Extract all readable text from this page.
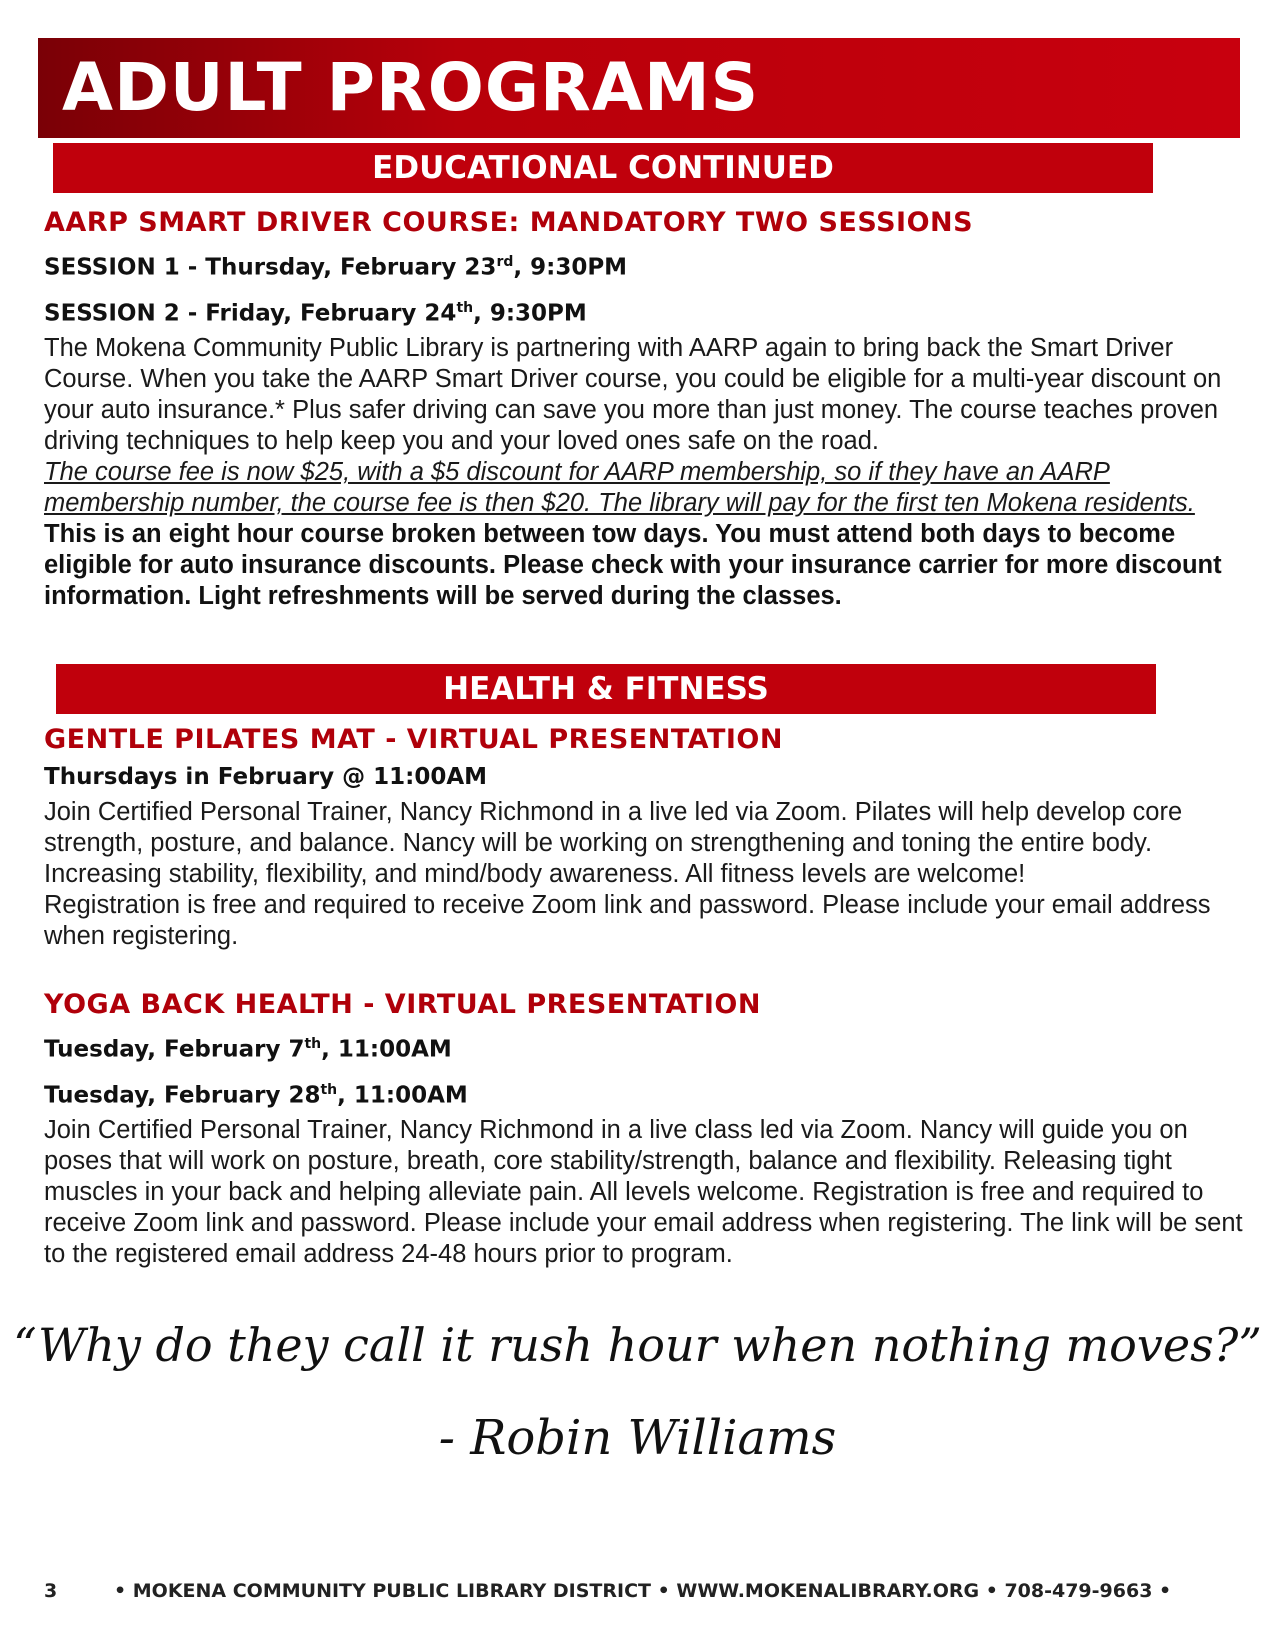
ADULT PROGRAMS
EDUCATIONAL CONTINUED

AARP SMART DRIVER COURSE: MANDATORY TWO SESSIONS

SESSION 1 - Thursday, February 23rd, 9:30PM

SESSION 2 - Friday, February 24th, 9:30PM

The Mokena Community Public Library is partnering with AARP again to bring back the Smart Driver Course. When you take the AARP Smart Driver course, you could be eligible for a multi-year discount on your auto insurance.* Plus safer driving can save you more than just money. The course teaches proven driving techniques to help keep you and your loved ones safe on the road.

The course fee is now $25, with a $5 discount for AARP membership, so if they have an AARP membership number, the course fee is then $20. The library will pay for the first ten Mokena residents.

This is an eight hour course broken between tow days. You must attend both days to become eligible for auto insurance discounts. Please check with your insurance carrier for more discount information. Light refreshments will be served during the classes.

HEALTH & FITNESS

GENTLE PILATES MAT - VIRTUAL PRESENTATION

Thursdays in February @ 11:00AM

Join Certified Personal Trainer, Nancy Richmond in a live led via Zoom. Pilates will help develop core strength, posture, and balance. Nancy will be working on strengthening and toning the entire body. Increasing stability, flexibility, and mind/body awareness. All fitness levels are welcome!

Registration is free and required to receive Zoom link and password. Please include your email address when registering.

YOGA BACK HEALTH - VIRTUAL PRESENTATION

Tuesday, February 7th, 11:00AM

Tuesday, February 28th, 11:00AM

Join Certified Personal Trainer, Nancy Richmond in a live class led via Zoom. Nancy will guide you on poses that will work on posture, breath, core stability/strength, balance and flexibility. Releasing tight muscles in your back and helping alleviate pain. All levels welcome. Registration is free and required to receive Zoom link and password. Please include your email address when registering. The link will be sent to the registered email address 24-48 hours prior to program.

“Why do they call it rush hour when nothing moves?”
- Robin Williams
3	• MOKENA COMMUNITY PUBLIC LIBRARY DISTRICT • WWW.MOKENALIBRARY.ORG • 708-479-9663 •
